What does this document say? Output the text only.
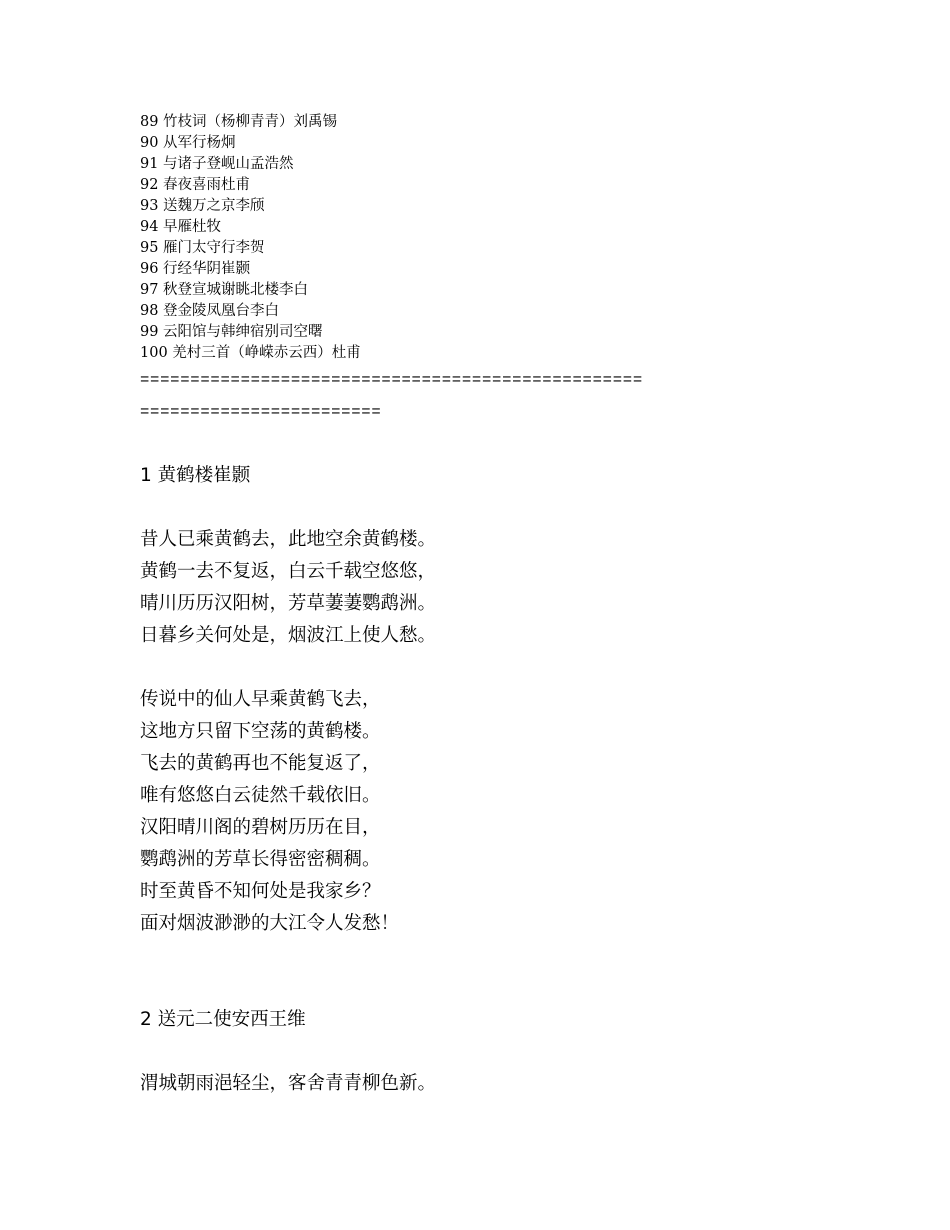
89 竹枝词（杨柳青青）刘禹锡
90 从军行杨炯
91 与诸子登岘山孟浩然
92 春夜喜雨杜甫
93 送魏万之京李颀
94 早雁杜牧
95 雁门太守行李贺
96 行经华阴崔颢
97 秋登宣城谢眺北楼李白
98 登金陵凤凰台李白
99 云阳馆与韩绅宿别司空曙
100 羌村三首（峥嵘赤云西）杜甫
==================================================
========================
1 黄鹤楼崔颢
昔人已乘黄鹤去，此地空余黄鹤楼。
黄鹤一去不复返，白云千载空悠悠，
晴川历历汉阳树，芳草萋萋鹦鹉洲。
日暮乡关何处是，烟波江上使人愁。
传说中的仙人早乘黄鹤飞去，
这地方只留下空荡的黄鹤楼。
飞去的黄鹤再也不能复返了，
唯有悠悠白云徒然千载依旧。
汉阳晴川阁的碧树历历在目，
鹦鹉洲的芳草长得密密稠稠。
时至黄昏不知何处是我家乡？
面对烟波渺渺的大江令人发愁！
2 送元二使安西王维
渭城朝雨浥轻尘，客舍青青柳色新。
